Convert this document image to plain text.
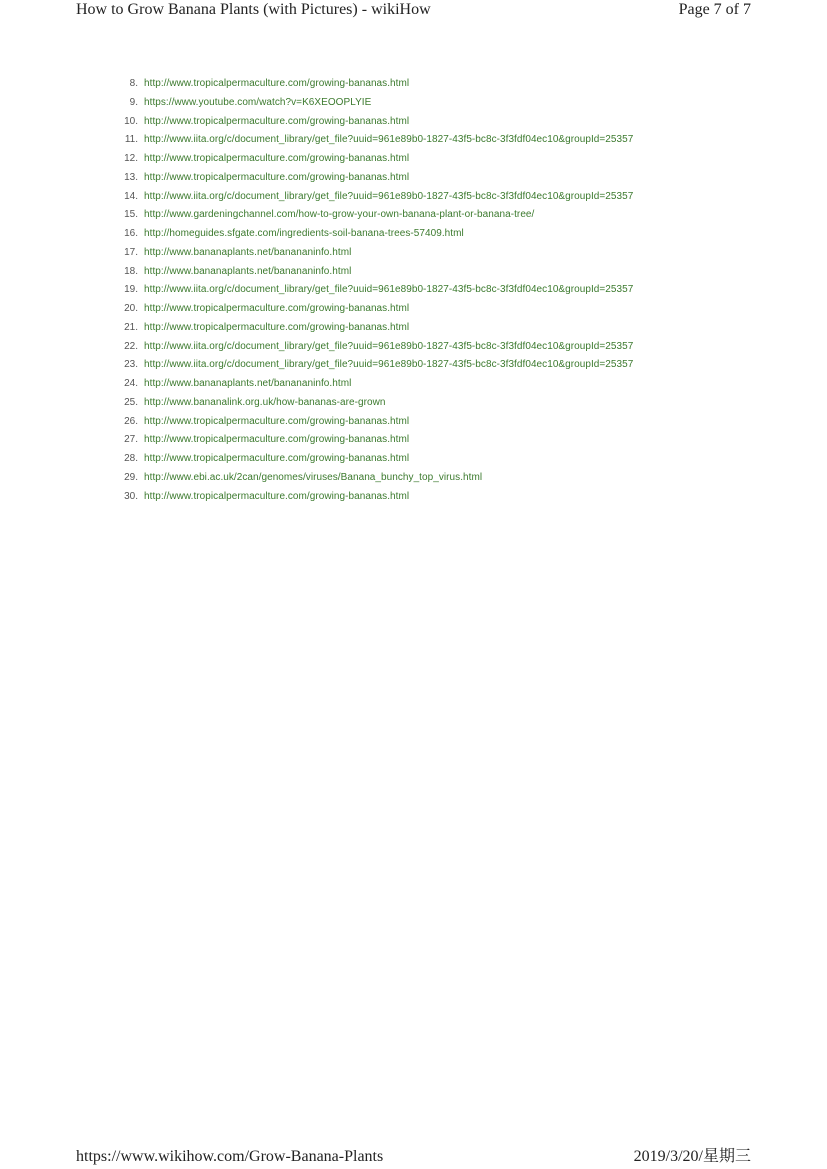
How to Grow Banana Plants (with Pictures) - wikiHow	Page 7 of 7
8. http://www.tropicalpermaculture.com/growing-bananas.html
9. https://www.youtube.com/watch?v=K6XEOOPLYIE
10. http://www.tropicalpermaculture.com/growing-bananas.html
11. http://www.iita.org/c/document_library/get_file?uuid=961e89b0-1827-43f5-bc8c-3f3fdf04ec10&groupId=25357
12. http://www.tropicalpermaculture.com/growing-bananas.html
13. http://www.tropicalpermaculture.com/growing-bananas.html
14. http://www.iita.org/c/document_library/get_file?uuid=961e89b0-1827-43f5-bc8c-3f3fdf04ec10&groupId=25357
15. http://www.gardeningchannel.com/how-to-grow-your-own-banana-plant-or-banana-tree/
16. http://homeguides.sfgate.com/ingredients-soil-banana-trees-57409.html
17. http://www.bananaplants.net/banananinfo.html
18. http://www.bananaplants.net/banananinfo.html
19. http://www.iita.org/c/document_library/get_file?uuid=961e89b0-1827-43f5-bc8c-3f3fdf04ec10&groupId=25357
20. http://www.tropicalpermaculture.com/growing-bananas.html
21. http://www.tropicalpermaculture.com/growing-bananas.html
22. http://www.iita.org/c/document_library/get_file?uuid=961e89b0-1827-43f5-bc8c-3f3fdf04ec10&groupId=25357
23. http://www.iita.org/c/document_library/get_file?uuid=961e89b0-1827-43f5-bc8c-3f3fdf04ec10&groupId=25357
24. http://www.bananaplants.net/banananinfo.html
25. http://www.bananalink.org.uk/how-bananas-are-grown
26. http://www.tropicalpermaculture.com/growing-bananas.html
27. http://www.tropicalpermaculture.com/growing-bananas.html
28. http://www.tropicalpermaculture.com/growing-bananas.html
29. http://www.ebi.ac.uk/2can/genomes/viruses/Banana_bunchy_top_virus.html
30. http://www.tropicalpermaculture.com/growing-bananas.html
https://www.wikihow.com/Grow-Banana-Plants	2019/3/20/星期三
